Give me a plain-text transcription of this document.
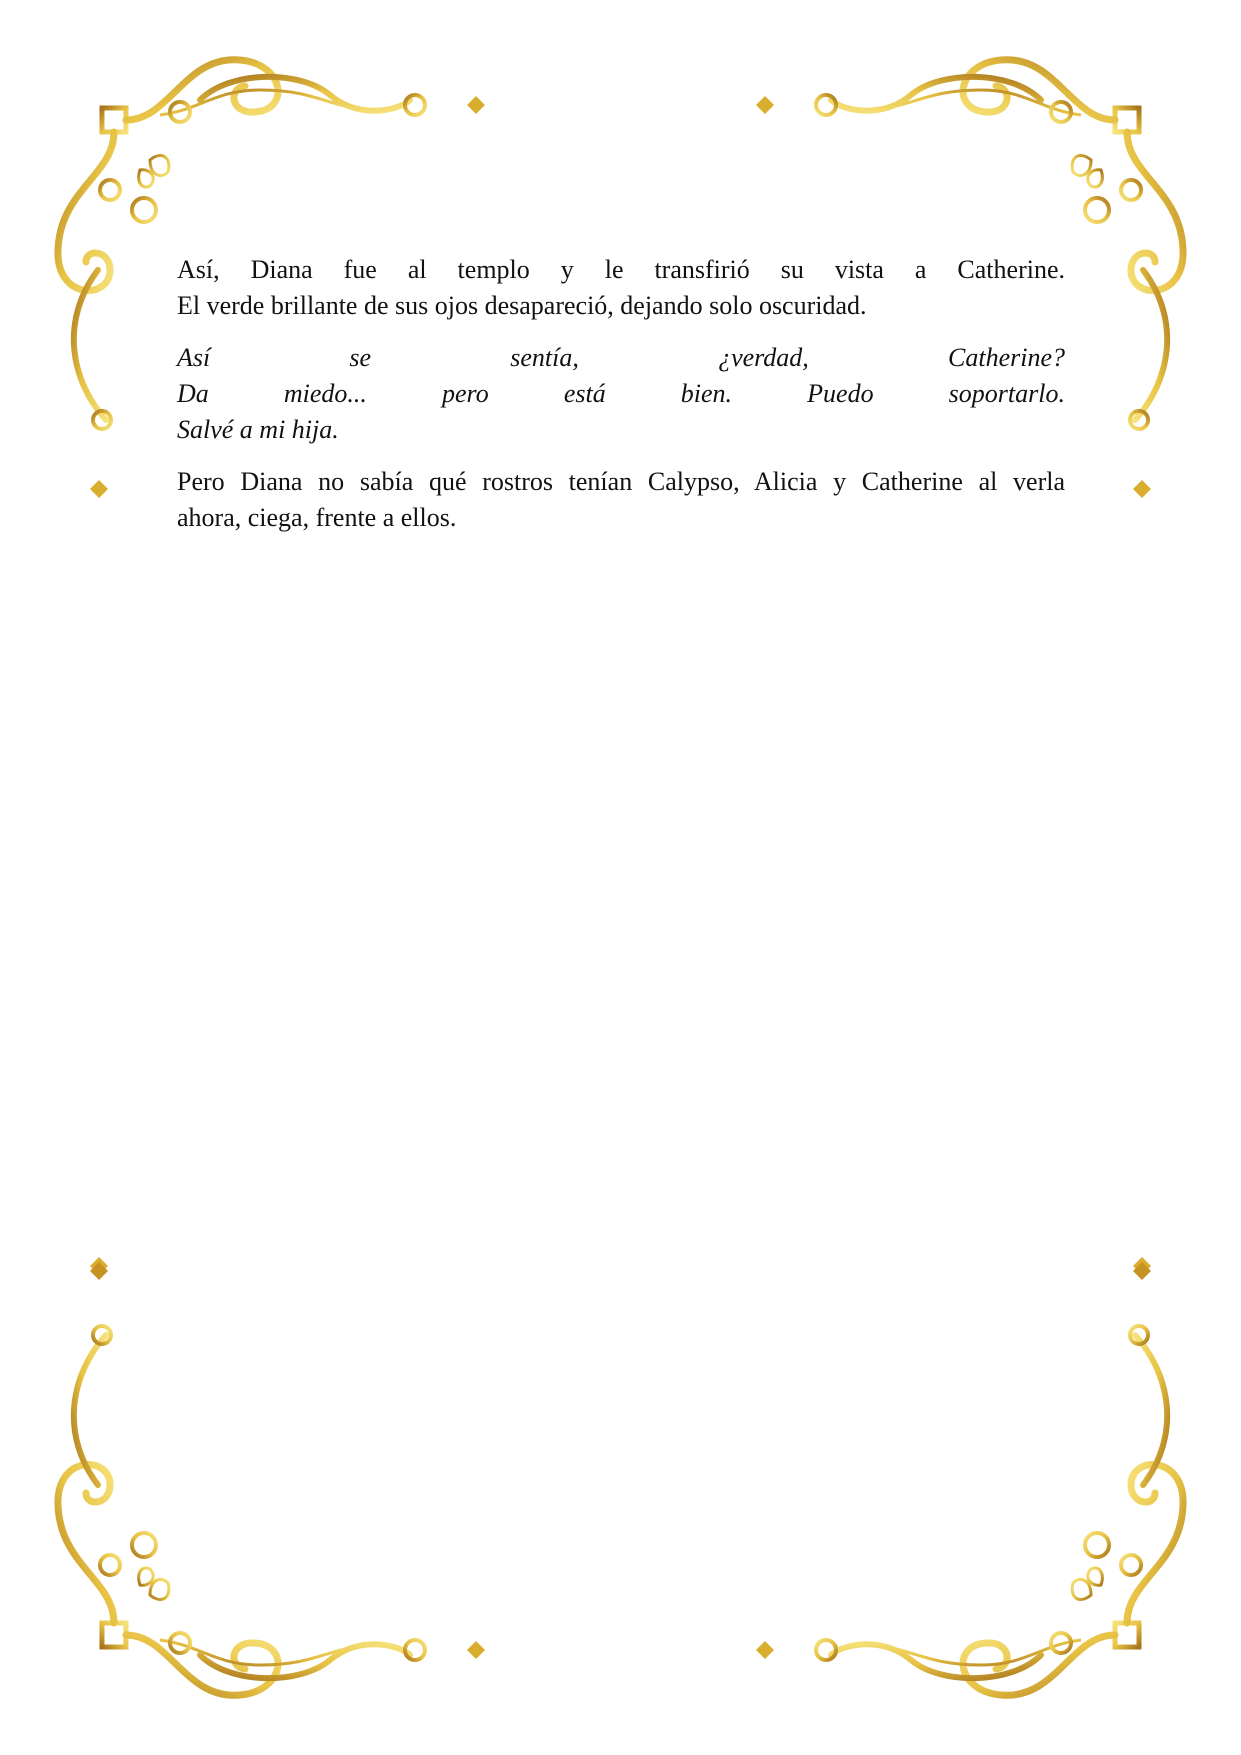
Así, Diana fue al templo y le transfirió su vista a Catherine.
El verde brillante de sus ojos desapareció, dejando solo oscuridad.

Así se sentía, ¿verdad, Catherine?
Da miedo... pero está bien. Puedo soportarlo.
Salvé a mi hija.

Pero Diana no sabía qué rostros tenían Calypso, Alicia y Catherine al verla
ahora, ciega, frente a ellos.
